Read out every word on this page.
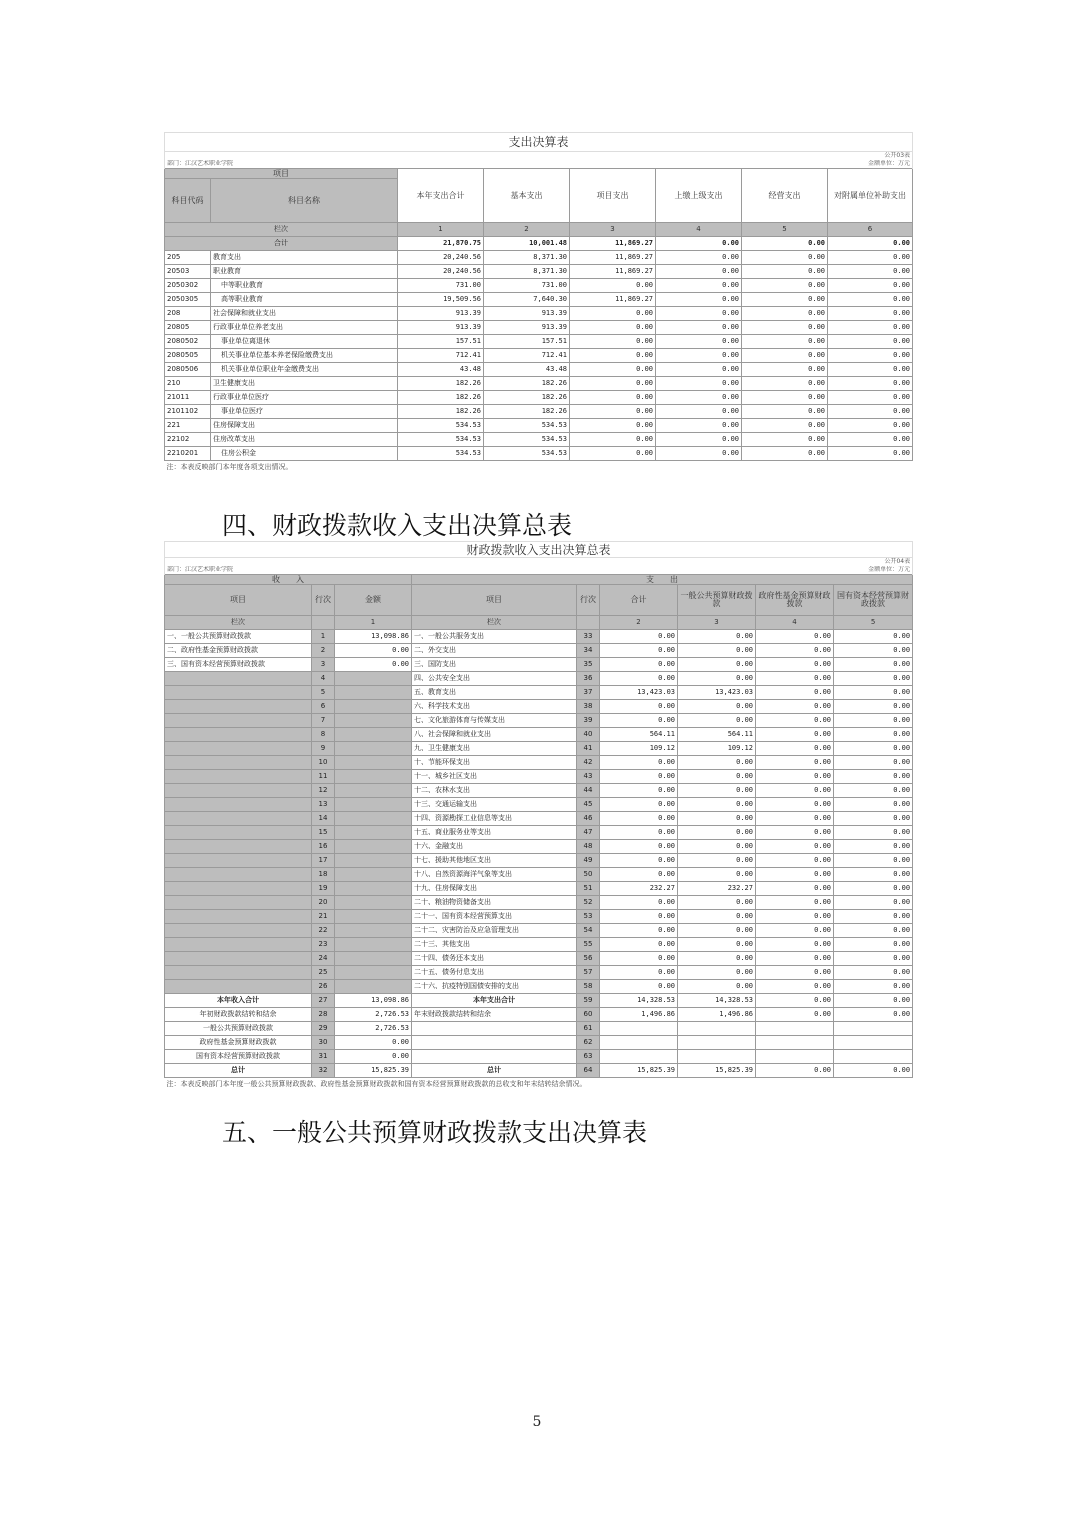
支出决算表							
公开03表							
部门：江汉艺术职业学院				金额单位：万元			
项目		本年支出合计	基本支出	项目支出	上缴上级支出	经营支出	对附属单位补助支出
科目代码	科目名称						
栏次		1	2	3	4	5	6
合计		21,870.75	10,001.48	11,869.27	0.00	0.00	0.00
205	教育支出	20,240.56	8,371.30	11,869.27	0.00	0.00	0.00
20503	职业教育	20,240.56	8,371.30	11,869.27	0.00	0.00	0.00
2050302	中等职业教育	731.00	731.00	0.00	0.00	0.00	0.00
2050305	高等职业教育	19,509.56	7,640.30	11,869.27	0.00	0.00	0.00
208	社会保障和就业支出	913.39	913.39	0.00	0.00	0.00	0.00
20805	行政事业单位养老支出	913.39	913.39	0.00	0.00	0.00	0.00
2080502	事业单位离退休	157.51	157.51	0.00	0.00	0.00	0.00
2080505	机关事业单位基本养老保险缴费支出	712.41	712.41	0.00	0.00	0.00	0.00
2080506	机关事业单位职业年金缴费支出	43.48	43.48	0.00	0.00	0.00	0.00
210	卫生健康支出	182.26	182.26	0.00	0.00	0.00	0.00
21011	行政事业单位医疗	182.26	182.26	0.00	0.00	0.00	0.00
2101102	事业单位医疗	182.26	182.26	0.00	0.00	0.00	0.00
221	住房保障支出	534.53	534.53	0.00	0.00	0.00	0.00
22102	住房改革支出	534.53	534.53	0.00	0.00	0.00	0.00
2210201	住房公积金	534.53	534.53	0.00	0.00	0.00	0.00
注：本表反映部门本年度各项支出情况。							
四、财政拨款收入支出决算总表
财政拨款收入支出决算总表								
公开04表								
部门：江汉艺术职业学院				金额单位：万元				
收　　入			支　　出					
项目	行次	金额	项目	行次	合计	一般公共预算财政拨款	政府性基金预算财政拨款	国有资本经营预算财政拨款
栏次		1	栏次		2	3	4	5
一、一般公共预算财政拨款	1	13,098.86	一、一般公共服务支出	33	0.00	0.00	0.00	0.00
二、政府性基金预算财政拨款	2	0.00	二、外交支出	34	0.00	0.00	0.00	0.00
三、国有资本经营预算财政拨款	3	0.00	三、国防支出	35	0.00	0.00	0.00	0.00
	4		四、公共安全支出	36	0.00	0.00	0.00	0.00
	5		五、教育支出	37	13,423.03	13,423.03	0.00	0.00
	6		六、科学技术支出	38	0.00	0.00	0.00	0.00
	7		七、文化旅游体育与传媒支出	39	0.00	0.00	0.00	0.00
	8		八、社会保障和就业支出	40	564.11	564.11	0.00	0.00
	9		九、卫生健康支出	41	109.12	109.12	0.00	0.00
	10		十、节能环保支出	42	0.00	0.00	0.00	0.00
	11		十一、城乡社区支出	43	0.00	0.00	0.00	0.00
	12		十二、农林水支出	44	0.00	0.00	0.00	0.00
	13		十三、交通运输支出	45	0.00	0.00	0.00	0.00
	14		十四、资源勘探工业信息等支出	46	0.00	0.00	0.00	0.00
	15		十五、商业服务业等支出	47	0.00	0.00	0.00	0.00
	16		十六、金融支出	48	0.00	0.00	0.00	0.00
	17		十七、援助其他地区支出	49	0.00	0.00	0.00	0.00
	18		十八、自然资源海洋气象等支出	50	0.00	0.00	0.00	0.00
	19		十九、住房保障支出	51	232.27	232.27	0.00	0.00
	20		二十、粮油物资储备支出	52	0.00	0.00	0.00	0.00
	21		二十一、国有资本经营预算支出	53	0.00	0.00	0.00	0.00
	22		二十二、灾害防治及应急管理支出	54	0.00	0.00	0.00	0.00
	23		二十三、其他支出	55	0.00	0.00	0.00	0.00
	24		二十四、债务还本支出	56	0.00	0.00	0.00	0.00
	25		二十五、债务付息支出	57	0.00	0.00	0.00	0.00
	26		二十六、抗疫特别国债安排的支出	58	0.00	0.00	0.00	0.00
本年收入合计	27	13,098.86	本年支出合计	59	14,328.53	14,328.53	0.00	0.00
年初财政拨款结转和结余	28	2,726.53	年末财政拨款结转和结余	60	1,496.86	1,496.86	0.00	0.00
一般公共预算财政拨款	29	2,726.53		61				
政府性基金预算财政拨款	30	0.00		62				
国有资本经营预算财政拨款	31	0.00		63				
总计	32	15,825.39	总计	64	15,825.39	15,825.39	0.00	0.00
注：本表反映部门本年度一般公共预算财政拨款、政府性基金预算财政拨款和国有资本经营预算财政拨款的总收支和年末结转结余情况。								
五、一般公共预算财政拨款支出决算表
5
